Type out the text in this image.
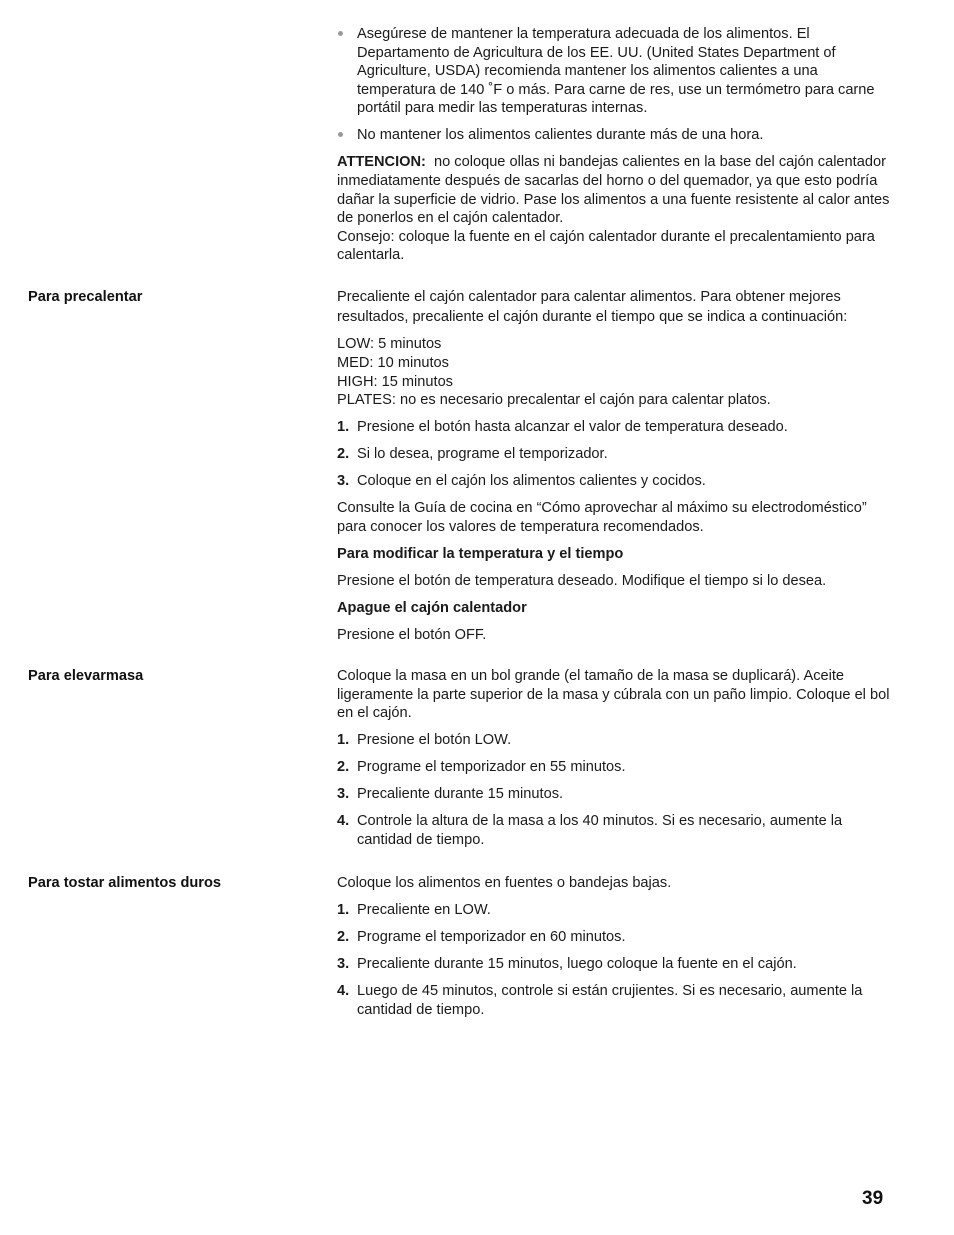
Asegúrese de mantener la temperatura adecuada de los alimentos. El Departamento de Agricultura de los EE. UU. (United States Department of Agriculture, USDA) recomienda mantener los alimentos calientes a una temperatura de 140 ˚F o más. Para carne de res, use un termómetro para carne portátil para medir las temperaturas internas.
No mantener los alimentos calientes durante más de una hora.

ATTENCION: no coloque ollas ni bandejas calientes en la base del cajón calentador inmediatamente después de sacarlas del horno o del quemador, ya que esto podría dañar la superficie de vidrio. Pase los alimentos a una fuente resistente al calor antes de ponerlos en el cajón calentador.

Consejo: coloque la fuente en el cajón calentador durante el precalentamiento para calentarla.

Para precalentar	Precaliente el cajón calentador para calentar alimentos. Para obtener mejores resultados, precaliente el cajón durante el tiempo que se indica a continuación:

LOW: 5 minutos

MED: 10 minutos

HIGH: 15 minutos

PLATES: no es necesario precalentar el cajón para calentar platos.

1. Presione el botón hasta alcanzar el valor de temperatura deseado.
2. Si lo desea, programe el temporizador.
3. Coloque en el cajón los alimentos calientes y cocidos.

Consulte la Guía de cocina en “Cómo aprovechar al máximo su electrodoméstico” para conocer los valores de temperatura recomendados.

Para modificar la temperatura y el tiempo

Presione el botón de temperatura deseado. Modifique el tiempo si lo desea.

Apague el cajón calentador

Presione el botón OFF.

Para elevarmasa	Coloque la masa en un bol grande (el tamaño de la masa se duplicará). Aceite ligeramente la parte superior de la masa y cúbrala con un paño limpio. Coloque el bol en el cajón.

1. Presione el botón LOW.
2. Programe el temporizador en 55 minutos.
3. Precaliente durante 15 minutos.
4. Controle la altura de la masa a los 40 minutos. Si es necesario, aumente la cantidad de tiempo.
Para tostar alimentos duros	Coloque los alimentos en fuentes o bandejas bajas.

1. Precaliente en LOW.
2. Programe el temporizador en 60 minutos.
3. Precaliente durante 15 minutos, luego coloque la fuente en el cajón.
4. Luego de 45 minutos, controle si están crujientes. Si es necesario, aumente la cantidad de tiempo.
39
